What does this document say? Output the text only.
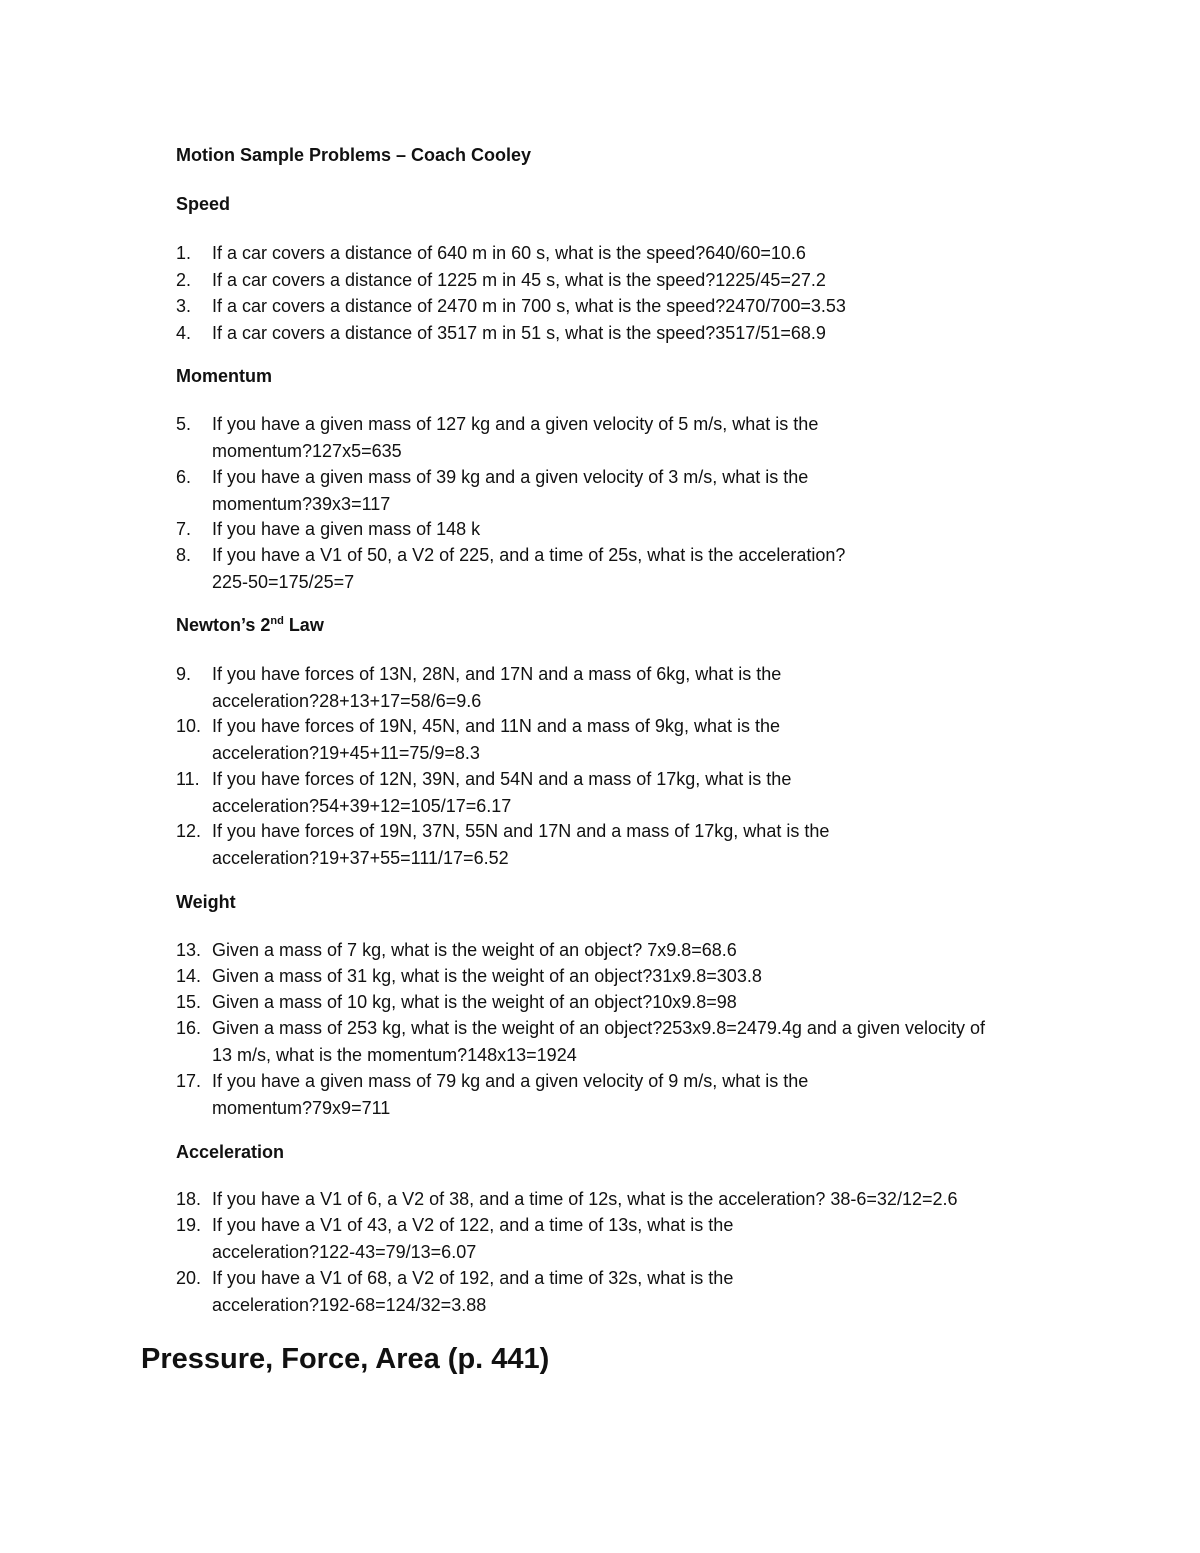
Motion Sample Problems – Coach Cooley
Speed
1.	If a car covers a distance of 640 m in 60 s, what is the speed?640/60=10.6
2.	If a car covers a distance of 1225 m in 45 s, what is the speed?1225/45=27.2
3.	If a car covers a distance of 2470 m in 700 s, what is the speed?2470/700=3.53
4.	If a car covers a distance of 3517 m in 51 s, what is the speed?3517/51=68.9
Momentum
5.	If you have a given mass of 127 kg and a given velocity of 5 m/s, what is the
momentum?127x5=635
6.	If you have a given mass of 39 kg and a given velocity of 3 m/s, what is the
momentum?39x3=117
7.	If you have a given mass of 148 k
8.	If you have a V1 of 50, a V2 of 225, and a time of 25s, what is the acceleration?
225-50=175/25=7
Newton’s 2nd Law
9.	If you have forces of 13N, 28N, and 17N and a mass of 6kg, what is the
acceleration?28+13+17=58/6=9.6
10. If you have forces of 19N, 45N, and 11N and a mass of 9kg, what is the
acceleration?19+45+11=75/9=8.3
11. If you have forces of 12N, 39N, and 54N and a mass of 17kg, what is the
acceleration?54+39+12=105/17=6.17
12. If you have forces of 19N, 37N, 55N and 17N and a mass of 17kg, what is the
acceleration?19+37+55=111/17=6.52
Weight
13. Given a mass of 7 kg, what is the weight of an object? 7x9.8=68.6
14. Given a mass of 31 kg, what is the weight of an object?31x9.8=303.8
15. Given a mass of 10 kg, what is the weight of an object?10x9.8=98
16. Given a mass of 253 kg, what is the weight of an object?253x9.8=2479.4g and a given velocity of
13 m/s, what is the momentum?148x13=1924
17. If you have a given mass of 79 kg and a given velocity of 9 m/s, what is the
momentum?79x9=711
Acceleration
18. If you have a V1 of 6, a V2 of 38, and a time of 12s, what is the acceleration? 38-6=32/12=2.6
19. If you have a V1 of 43, a V2 of 122, and a time of 13s, what is the
acceleration?122-43=79/13=6.07
20. If you have a V1 of 68, a V2 of 192, and a time of 32s, what is the
acceleration?192-68=124/32=3.88
Pressure, Force, Area (p. 441)
